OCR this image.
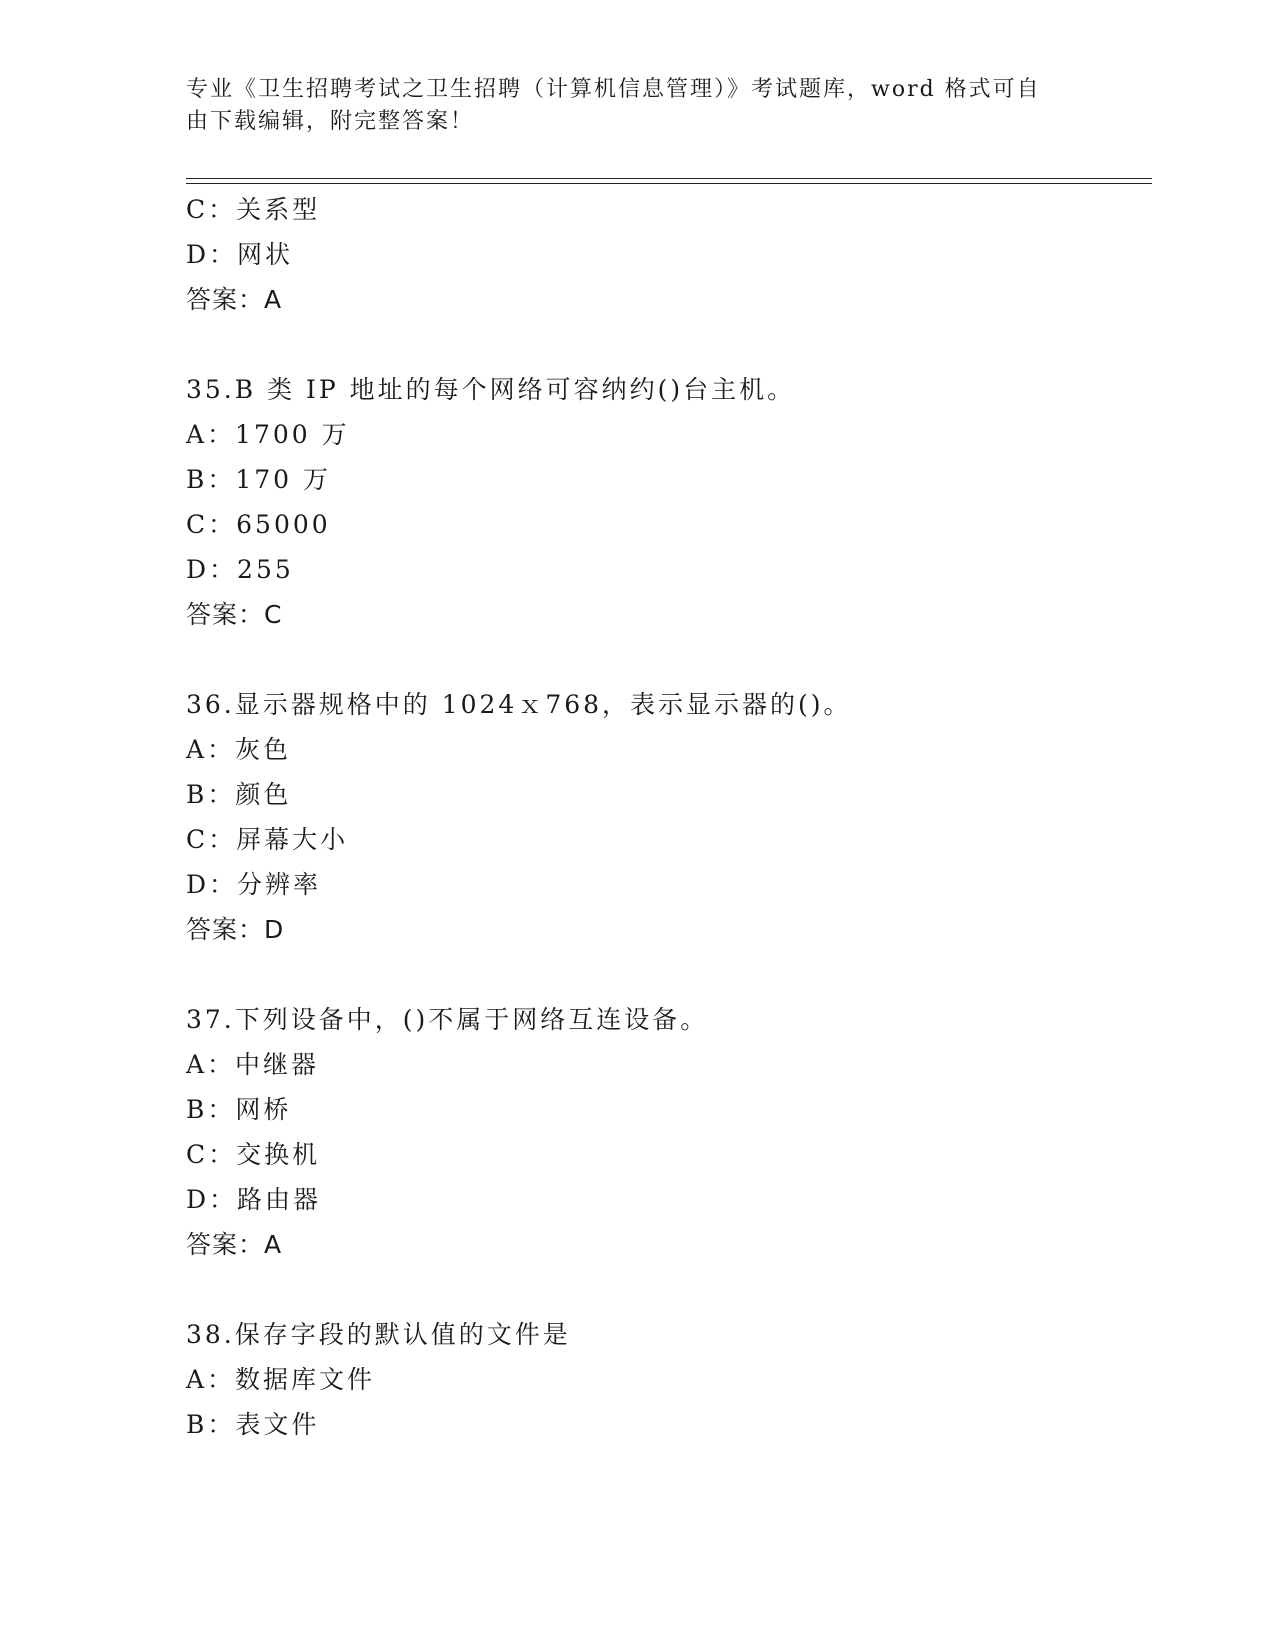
专业《卫生招聘考试之卫生招聘（计算机信息管理）》考试题库，word 格式可自
由下载编辑，附完整答案！
C：关系型
D：网状
答案：A
35.B 类 IP 地址的每个网络可容纳约()台主机。
A：1700 万
B：170 万
C：65000
D：255
答案：C
36.显示器规格中的 1024ｘ768，表示显示器的()。
A：灰色
B：颜色
C：屏幕大小
D：分辨率
答案：D
37.下列设备中，()不属于网络互连设备。
A：中继器
B：网桥
C：交换机
D：路由器
答案：A
38.保存字段的默认值的文件是
A：数据库文件
B：表文件
